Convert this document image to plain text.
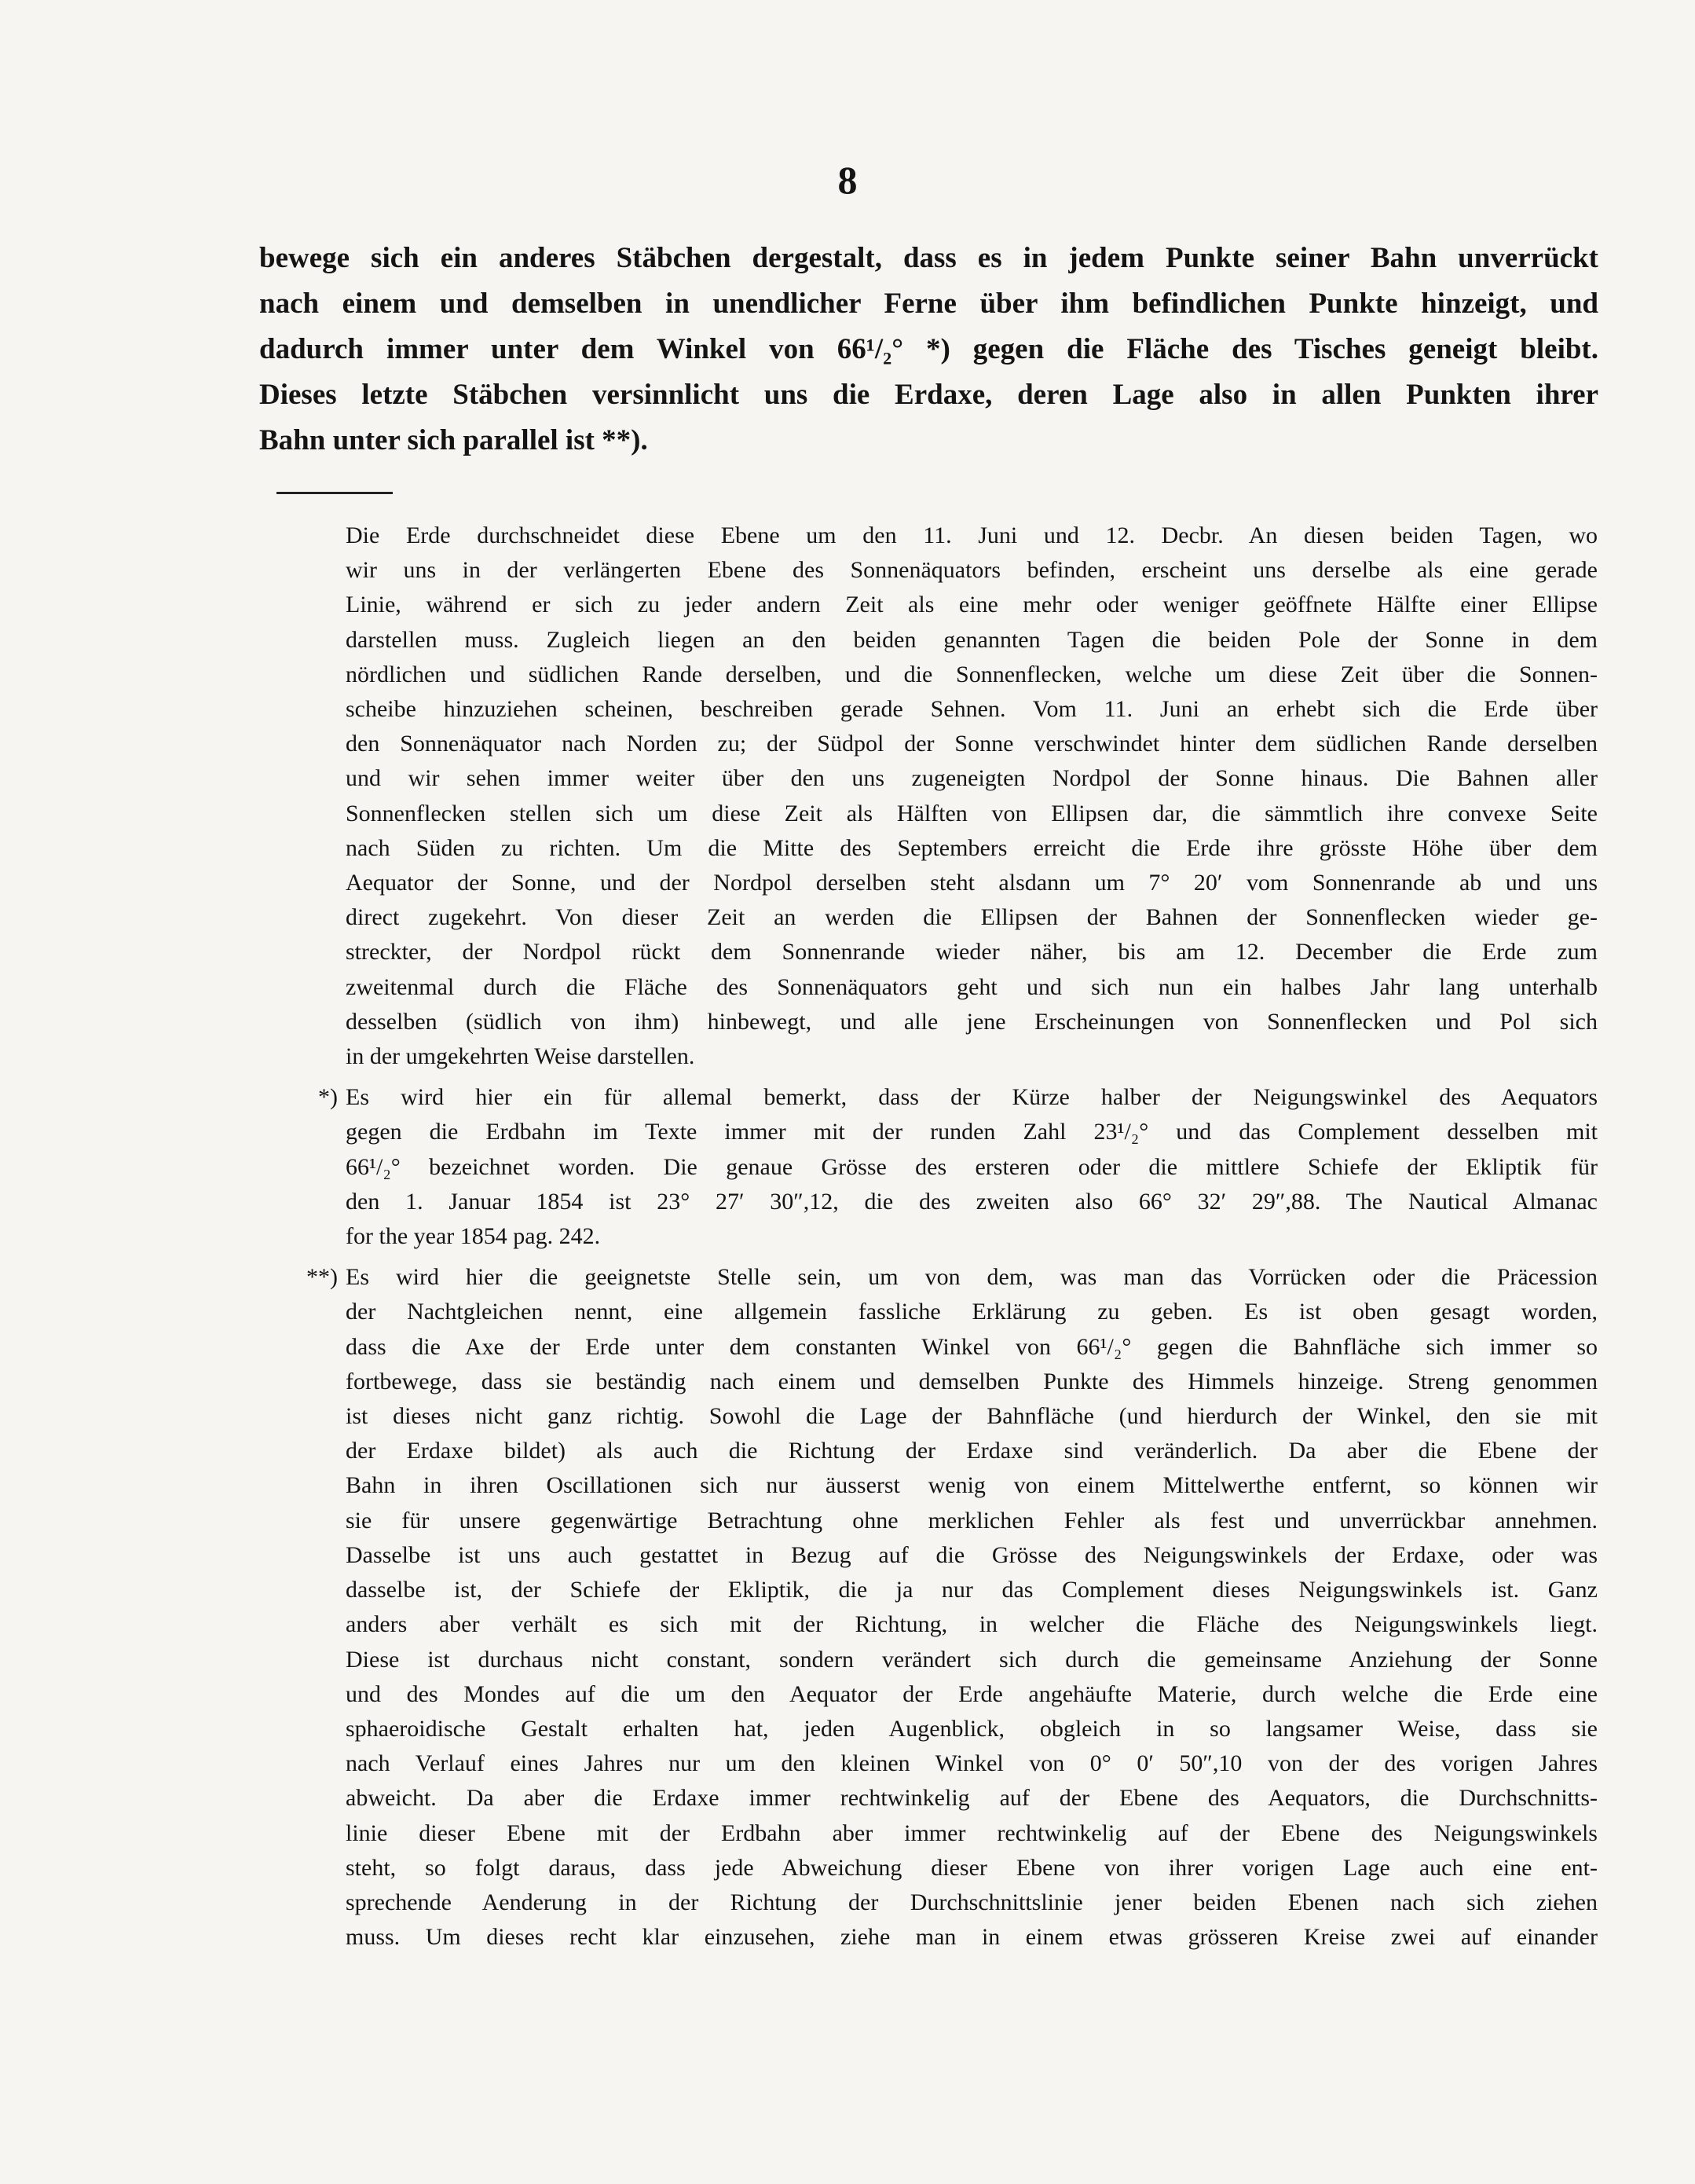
8

bewege sich ein anderes Stäbchen dergestalt, dass es in jedem Punkte seiner Bahn unverrückt

nach einem und demselben in unendlicher Ferne über ihm befindlichen Punkte hinzeigt, und

dadurch immer unter dem Winkel von 66¹/₂° *) gegen die Fläche des Tisches geneigt bleibt.

Dieses letzte Stäbchen versinnlicht uns die Erdaxe, deren Lage also in allen Punkten ihrer

Bahn unter sich parallel ist **).

Die Erde durchschneidet diese Ebene um den 11. Juni und 12. Decbr. An diesen beiden Tagen, wo

wir uns in der verlängerten Ebene des Sonnenäquators befinden, erscheint uns derselbe als eine gerade

Linie, während er sich zu jeder andern Zeit als eine mehr oder weniger geöffnete Hälfte einer Ellipse

darstellen muss. Zugleich liegen an den beiden genannten Tagen die beiden Pole der Sonne in dem

nördlichen und südlichen Rande derselben, und die Sonnenflecken, welche um diese Zeit über die Sonnen-

scheibe hinzuziehen scheinen, beschreiben gerade Sehnen. Vom 11. Juni an erhebt sich die Erde über

den Sonnenäquator nach Norden zu; der Südpol der Sonne verschwindet hinter dem südlichen Rande derselben

und wir sehen immer weiter über den uns zugeneigten Nordpol der Sonne hinaus. Die Bahnen aller

Sonnenflecken stellen sich um diese Zeit als Hälften von Ellipsen dar, die sämmtlich ihre convexe Seite

nach Süden zu richten. Um die Mitte des Septembers erreicht die Erde ihre grösste Höhe über dem

Aequator der Sonne, und der Nordpol derselben steht alsdann um 7° 20′ vom Sonnenrande ab und uns

direct zugekehrt. Von dieser Zeit an werden die Ellipsen der Bahnen der Sonnenflecken wieder ge-

streckter, der Nordpol rückt dem Sonnenrande wieder näher, bis am 12. December die Erde zum

zweitenmal durch die Fläche des Sonnenäquators geht und sich nun ein halbes Jahr lang unterhalb

desselben (südlich von ihm) hinbewegt, und alle jene Erscheinungen von Sonnenflecken und Pol sich

in der umgekehrten Weise darstellen.

*) Es wird hier ein für allemal bemerkt, dass der Kürze halber der Neigungswinkel des Aequators

gegen die Erdbahn im Texte immer mit der runden Zahl 23¹/₂° und das Complement desselben mit

66¹/₂° bezeichnet worden. Die genaue Grösse des ersteren oder die mittlere Schiefe der Ekliptik für

den 1. Januar 1854 ist 23° 27′ 30″,12, die des zweiten also 66° 32′ 29″,88. The Nautical Almanac

for the year 1854 pag. 242.

**) Es wird hier die geeignetste Stelle sein, um von dem, was man das Vorrücken oder die Präcession

der Nachtgleichen nennt, eine allgemein fassliche Erklärung zu geben. Es ist oben gesagt worden,

dass die Axe der Erde unter dem constanten Winkel von 66¹/₂° gegen die Bahnfläche sich immer so

fortbewege, dass sie beständig nach einem und demselben Punkte des Himmels hinzeige. Streng genommen

ist dieses nicht ganz richtig. Sowohl die Lage der Bahnfläche (und hierdurch der Winkel, den sie mit

der Erdaxe bildet) als auch die Richtung der Erdaxe sind veränderlich. Da aber die Ebene der

Bahn in ihren Oscillationen sich nur äusserst wenig von einem Mittelwerthe entfernt, so können wir

sie für unsere gegenwärtige Betrachtung ohne merklichen Fehler als fest und unverrückbar annehmen.

Dasselbe ist uns auch gestattet in Bezug auf die Grösse des Neigungswinkels der Erdaxe, oder was

dasselbe ist, der Schiefe der Ekliptik, die ja nur das Complement dieses Neigungswinkels ist. Ganz

anders aber verhält es sich mit der Richtung, in welcher die Fläche des Neigungswinkels liegt.

Diese ist durchaus nicht constant, sondern verändert sich durch die gemeinsame Anziehung der Sonne

und des Mondes auf die um den Aequator der Erde angehäufte Materie, durch welche die Erde eine

sphaeroidische Gestalt erhalten hat, jeden Augenblick, obgleich in so langsamer Weise, dass sie

nach Verlauf eines Jahres nur um den kleinen Winkel von 0° 0′ 50″,10 von der des vorigen Jahres

abweicht. Da aber die Erdaxe immer rechtwinkelig auf der Ebene des Aequators, die Durchschnitts-

linie dieser Ebene mit der Erdbahn aber immer rechtwinkelig auf der Ebene des Neigungswinkels

steht, so folgt daraus, dass jede Abweichung dieser Ebene von ihrer vorigen Lage auch eine ent-

sprechende Aenderung in der Richtung der Durchschnittslinie jener beiden Ebenen nach sich ziehen

muss. Um dieses recht klar einzusehen, ziehe man in einem etwas grösseren Kreise zwei auf einander
